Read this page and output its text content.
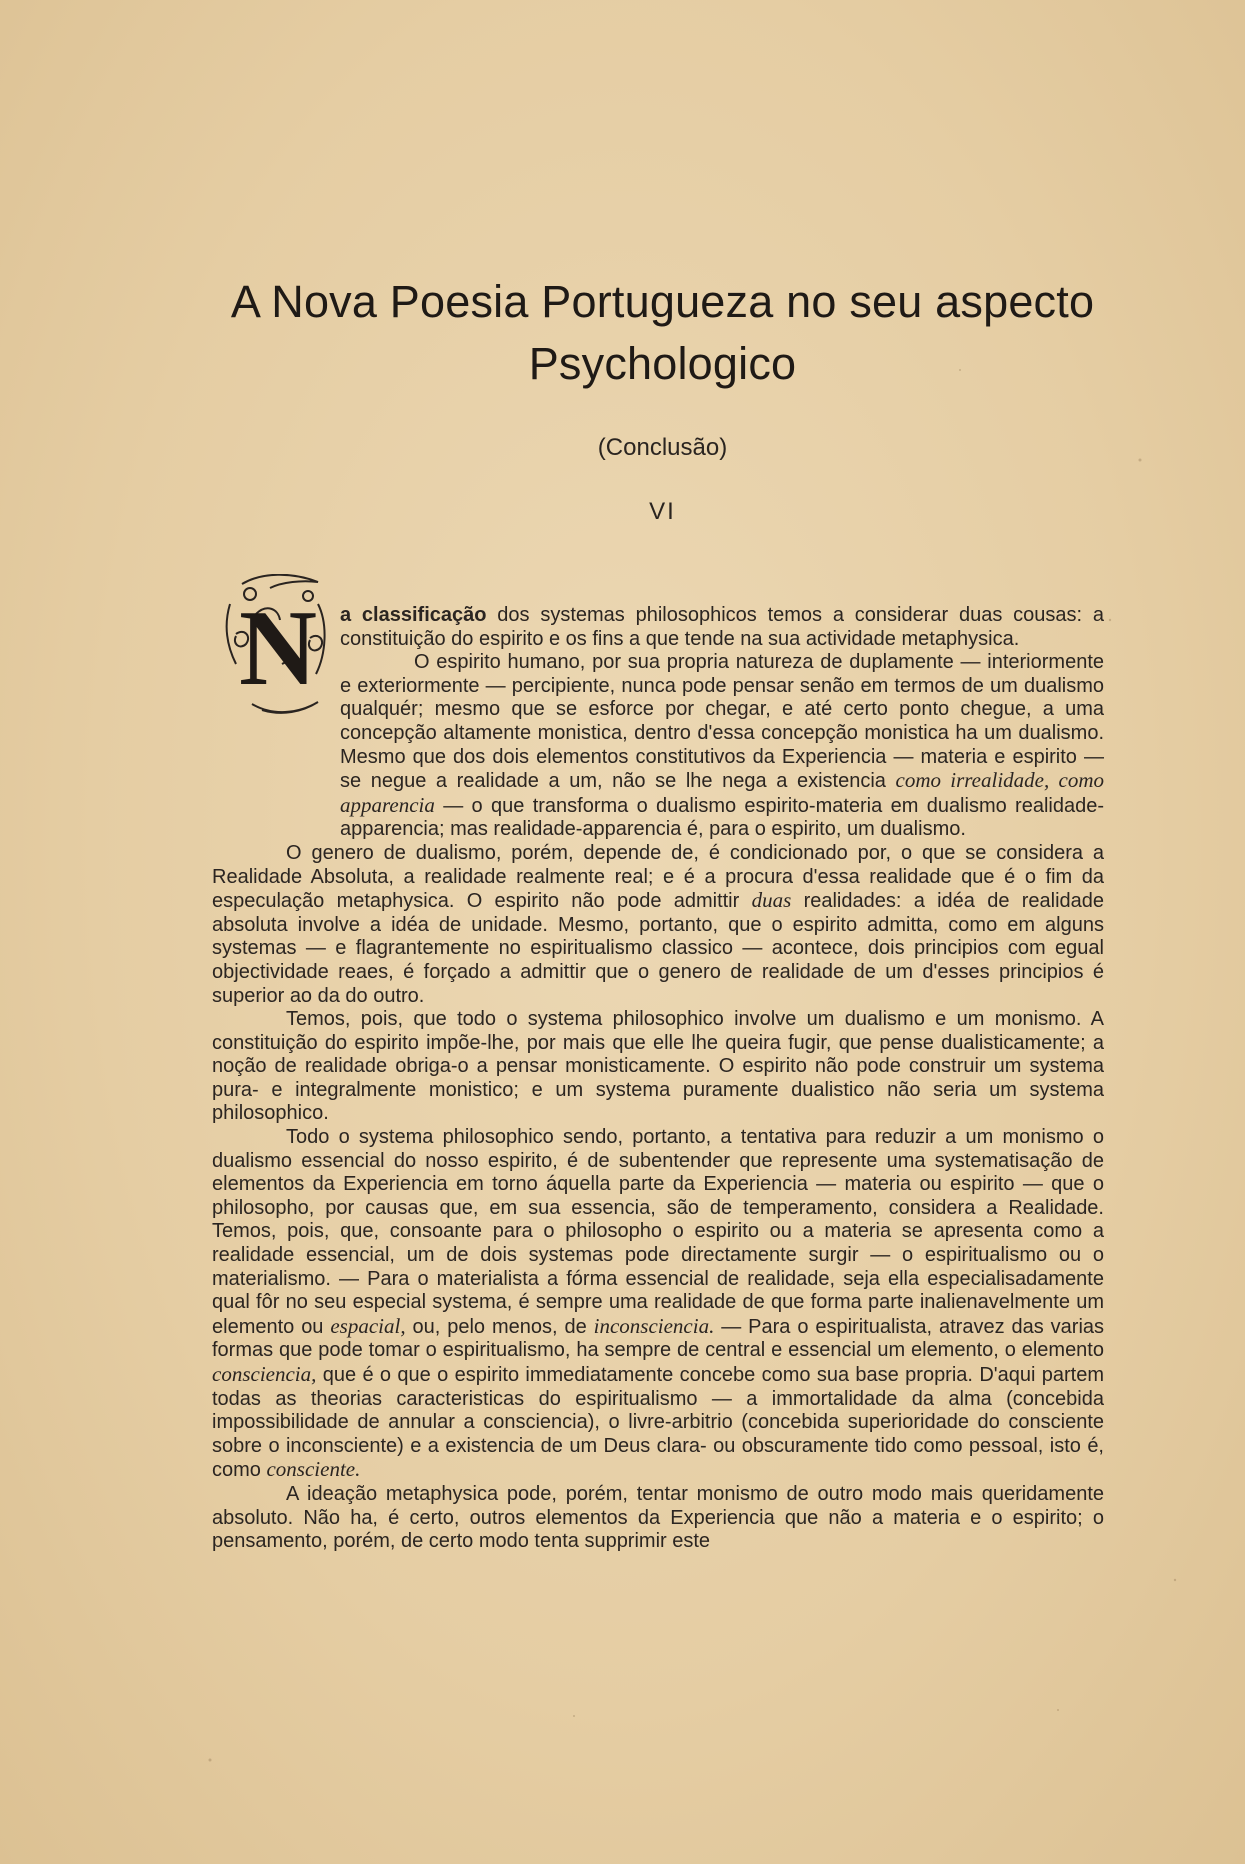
A Nova Poesia Portugueza no seu aspecto
Psychologico
(Conclusão)
VI
N	a classificação dos systemas philosophicos temos a considerar duas cousas: a constituição do espirito e os fins a que tende na sua actividade metaphysica.

O espirito humano, por sua propria natureza de duplamente — interiormente e exteriormente — percipiente, nunca pode pensar senão em termos de um dualismo qualquér; mesmo que se esforce por chegar, e até certo ponto chegue, a uma concepção altamente monistica, dentro d'essa concepção monistica ha um dualismo. Mesmo que dos dois elementos constitutivos da Experiencia — materia e espirito — se negue a realidade a um, não se lhe nega a existencia como irrealidade, como apparencia — o que transforma o dualismo espirito-materia em dualismo realidade-apparencia; mas realidade-apparencia é, para o espirito, um dualismo.

O genero de dualismo, porém, depende de, é condicionado por, o que se considera a Realidade Absoluta, a realidade realmente real; e é a procura d'essa realidade que é o fim da especulação metaphysica. O espirito não pode admittir duas realidades: a idéa de realidade absoluta involve a idéa de unidade. Mesmo, portanto, que o espirito admitta, como em alguns systemas — e flagrantemente no espiritualismo classico — acontece, dois principios com egual objectividade reaes, é forçado a admittir que o genero de realidade de um d'esses principios é superior ao da do outro.

Temos, pois, que todo o systema philosophico involve um dualismo e um monismo. A constituição do espirito impõe-lhe, por mais que elle lhe queira fugir, que pense dualisticamente; a noção de realidade obriga-o a pensar monisticamente. O espirito não pode construir um systema pura- e integralmente monistico; e um systema puramente dualistico não seria um systema philosophico.

Todo o systema philosophico sendo, portanto, a tentativa para reduzir a um monismo o dualismo essencial do nosso espirito, é de subentender que represente uma systematisação de elementos da Experiencia em torno áquella parte da Experiencia — materia ou espirito — que o philosopho, por causas que, em sua essencia, são de temperamento, considera a Realidade. Temos, pois, que, consoante para o philosopho o espirito ou a materia se apresenta como a realidade essencial, um de dois systemas pode directamente surgir — o espiritualismo ou o materialismo. — Para o materialista a fórma essencial de realidade, seja ella especialisadamente qual fôr no seu especial systema, é sempre uma realidade de que forma parte inalienavelmente um elemento ou espacial, ou, pelo menos, de inconsciencia. — Para o espiritualista, atravez das varias formas que pode tomar o espiritualismo, ha sempre de central e essencial um elemento, o elemento consciencia, que é o que o espirito immediatamente concebe como sua base propria. D'aqui partem todas as theorias caracteristicas do espiritualismo — a immortalidade da alma (concebida impossibilidade de annular a consciencia), o livre-arbitrio (concebida superioridade do consciente sobre o inconsciente) e a existencia de um Deus clara- ou obscuramente tido como pessoal, isto é, como consciente.

A ideação metaphysica pode, porém, tentar monismo de outro modo mais queridamente absoluto. Não ha, é certo, outros elementos da Experiencia que não a materia e o espirito; o pensamento, porém, de certo modo tenta supprimir este
